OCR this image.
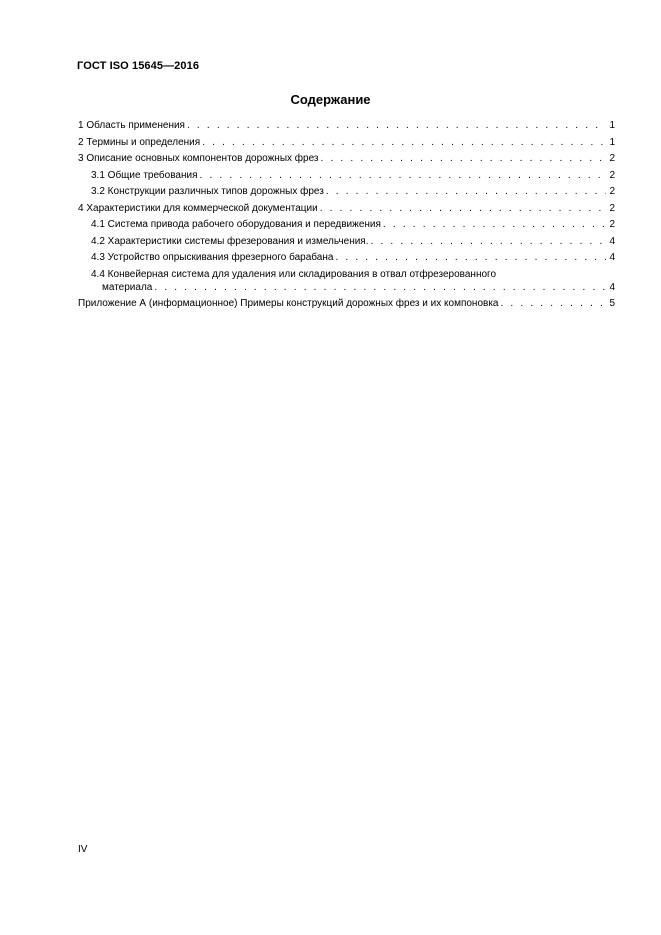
ГОСТ ISO 15645—2016
Содержание
1 Область применения . . .	1
2 Термины и определения . . .	1
3 Описание основных компонентов дорожных фрез . . .	2
3.1 Общие требования . . .	2
3.2 Конструкции различных типов дорожных фрез . . .	2
4 Характеристики для коммерческой документации . . .	2
4.1 Система привода рабочего оборудования и передвижения . . .	2
4.2 Характеристики системы фрезерования и измельчения. . . .	4
4.3 Устройство опрыскивания фрезерного барабана . . .	4
4.4 Конвейерная система для удаления или складирования в отвал отфрезерованного
материала . . .	4
Приложение А (информационное) Примеры конструкций дорожных фрез и их компоновка . . .	5
IV
